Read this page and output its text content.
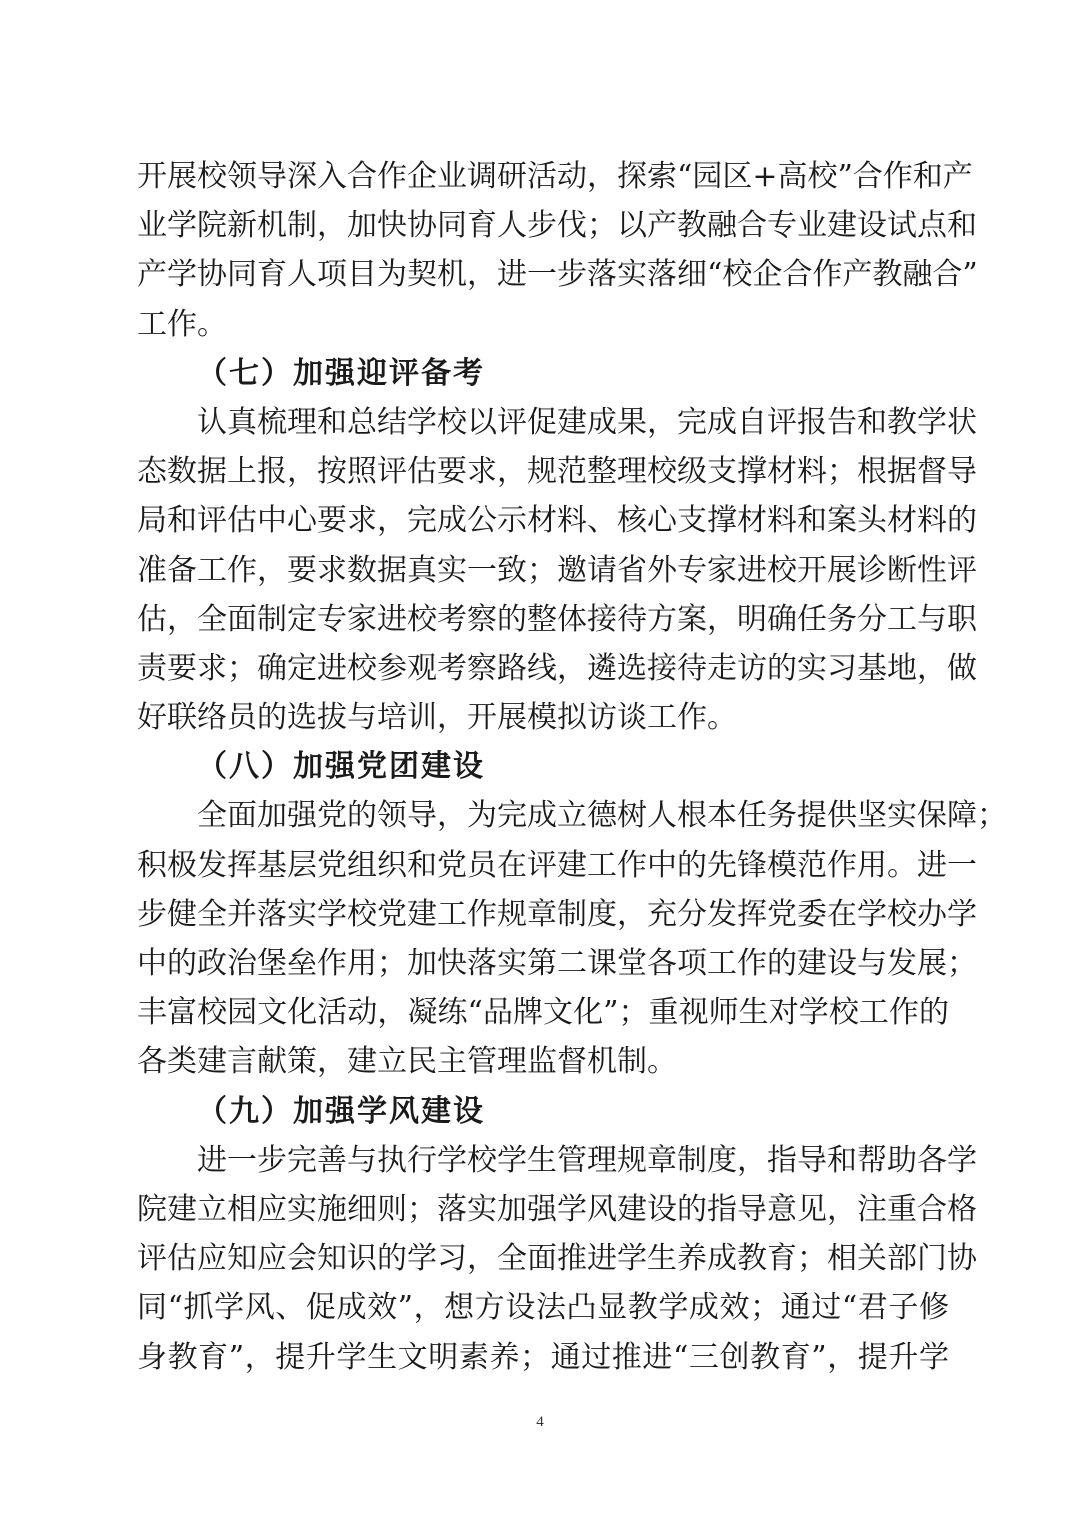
开展校领导深入合作企业调研活动，探索“园区+高校”合作和产
业学院新机制，加快协同育人步伐；以产教融合专业建设试点和
产学协同育人项目为契机，进一步落实落细“校企合作产教融合”
工作。
（七）加强迎评备考
认真梳理和总结学校以评促建成果，完成自评报告和教学状
态数据上报，按照评估要求，规范整理校级支撑材料；根据督导
局和评估中心要求，完成公示材料、核心支撑材料和案头材料的
准备工作，要求数据真实一致；邀请省外专家进校开展诊断性评
估，全面制定专家进校考察的整体接待方案，明确任务分工与职
责要求；确定进校参观考察路线，遴选接待走访的实习基地，做
好联络员的选拔与培训，开展模拟访谈工作。
（八）加强党团建设
全面加强党的领导，为完成立德树人根本任务提供坚实保障；
积极发挥基层党组织和党员在评建工作中的先锋模范作用。进一
步健全并落实学校党建工作规章制度，充分发挥党委在学校办学
中的政治堡垒作用；加快落实第二课堂各项工作的建设与发展；
丰富校园文化活动，凝练“品牌文化”；重视师生对学校工作的
各类建言献策，建立民主管理监督机制。
（九）加强学风建设
进一步完善与执行学校学生管理规章制度，指导和帮助各学
院建立相应实施细则；落实加强学风建设的指导意见，注重合格
评估应知应会知识的学习，全面推进学生养成教育；相关部门协
同“抓学风、促成效”，想方设法凸显教学成效；通过“君子修
身教育”，提升学生文明素养；通过推进“三创教育”，提升学
4
